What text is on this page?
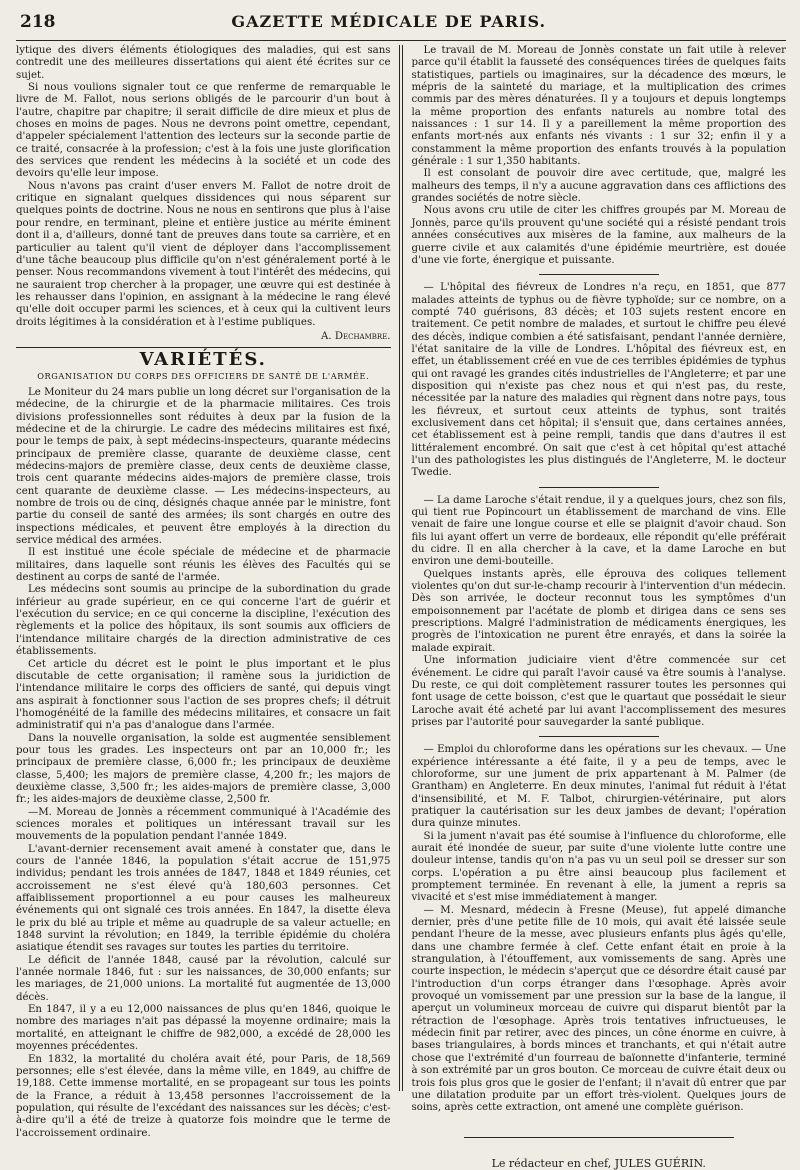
218	GAZETTE MÉDICALE DE PARIS.

lytique des divers éléments étiologiques des maladies, qui est sans contredit une des meilleures dissertations qui aient été écrites sur ce sujet.

Si nous voulions signaler tout ce que renferme de remarquable le livre de M. Fallot, nous serions obligés de le parcourir d'un bout à l'autre, chapitre par chapitre; il serait difficile de dire mieux et plus de choses en moins de pages. Nous ne devrons point omettre, cependant, d'appeler spécialement l'attention des lecteurs sur la seconde partie de ce traité, consacrée à la profession; c'est à la fois une juste glorification des services que rendent les médecins à la société et un code des devoirs qu'elle leur impose.

Nous n'avons pas craint d'user envers M. Fallot de notre droit de critique en signalant quelques dissidences qui nous séparent sur quelques points de doctrine. Nous ne nous en sentirons que plus à l'aise pour rendre, en terminant, pleine et entière justice au mérite éminent dont il a, d'ailleurs, donné tant de preuves dans toute sa carrière, et en particulier au talent qu'il vient de déployer dans l'accomplissement d'une tâche beaucoup plus difficile qu'on n'est généralement porté à le penser. Nous recommandons vivement à tout l'intérêt des médecins, qui ne sauraient trop chercher à la propager, une œuvre qui est destinée à les rehausser dans l'opinion, en assignant à la médecine le rang élevé qu'elle doit occuper parmi les sciences, et à ceux qui la cultivent leurs droits légitimes à la considération et à l'estime publiques.

A. Dechambre.
VARIÉTÉS.
ORGANISATION DU CORPS DES OFFICIERS DE SANTÉ DE L'ARMÉE.

Le Moniteur du 24 mars publie un long décret sur l'organisation de la médecine, de la chirurgie et de la pharmacie militaires. Ces trois divisions professionnelles sont réduites à deux par la fusion de la médecine et de la chirurgie. Le cadre des médecins militaires est fixé, pour le temps de paix, à sept médecins-inspecteurs, quarante médecins principaux de première classe, quarante de deuxième classe, cent médecins-majors de première classe, deux cents de deuxième classe, trois cent quarante médecins aides-majors de première classe, trois cent quarante de deuxième classe. — Les médecins-inspecteurs, au nombre de trois ou de cinq, désignés chaque année par le ministre, font partie du conseil de santé des armées; ils sont chargés en outre des inspections médicales, et peuvent être employés à la direction du service médical des armées.

Il est institué une école spéciale de médecine et de pharmacie militaires, dans laquelle sont réunis les élèves des Facultés qui se destinent au corps de santé de l'armée.

Les médecins sont soumis au principe de la subordination du grade inférieur au grade supérieur, en ce qui concerne l'art de guérir et l'exécution du service; en ce qui concerne la discipline, l'exécution des règlements et la police des hôpitaux, ils sont soumis aux officiers de l'intendance militaire chargés de la direction administrative de ces établissements.

Cet article du décret est le point le plus important et le plus discutable de cette organisation; il ramène sous la juridiction de l'intendance militaire le corps des officiers de santé, qui depuis vingt ans aspirait à fonctionner sous l'action de ses propres chefs; il détruit l'homogénéité de la famille des médecins militaires, et consacre un fait administratif qui n'a pas d'analogue dans l'armée.

Dans la nouvelle organisation, la solde est augmentée sensiblement pour tous les grades. Les inspecteurs ont par an 10,000 fr.; les principaux de première classe, 6,000 fr.; les principaux de deuxième classe, 5,400; les majors de première classe, 4,200 fr.; les majors de deuxième classe, 3,500 fr.; les aides-majors de première classe, 3,000 fr.; les aides-majors de deuxième classe, 2,500 fr.

—M. Moreau de Jonnès a récemment communiqué à l'Académie des sciences morales et politiques un intéressant travail sur les mouvements de la population pendant l'année 1849.

L'avant-dernier recensement avait amené à constater que, dans le cours de l'année 1846, la population s'était accrue de 151,975 individus; pendant les trois années de 1847, 1848 et 1849 réunies, cet accroissement ne s'est élevé qu'à 180,603 personnes. Cet affaiblissement proportionnel a eu pour causes les malheureux événements qui ont signalé ces trois années. En 1847, la disette éleva le prix du blé au triple et même au quadruple de sa valeur actuelle; en 1848 survint la révolution; en 1849, la terrible épidémie du choléra asiatique étendit ses ravages sur toutes les parties du territoire.

Le déficit de l'année 1848, causé par la révolution, calculé sur l'année normale 1846, fut : sur les naissances, de 30,000 enfants; sur les mariages, de 21,000 unions. La mortalité fut augmentée de 13,000 décès.

En 1847, il y a eu 12,000 naissances de plus qu'en 1846, quoique le nombre des mariages n'ait pas dépassé la moyenne ordinaire; mais la mortalité, en atteignant le chiffre de 982,000, a excédé de 28,000 les moyennes précédentes.

En 1832, la mortalité du choléra avait été, pour Paris, de 18,569 personnes; elle s'est élevée, dans la même ville, en 1849, au chiffre de 19,188. Cette immense mortalité, en se propageant sur tous les points de la France, a réduit à 13,458 personnes l'accroissement de la population, qui résulte de l'excédant des naissances sur les décès; c'est-à-dire qu'il a été de treize à quatorze fois moindre que le terme de l'accroissement ordinaire.

Le travail de M. Moreau de Jonnès constate un fait utile à relever parce qu'il établit la fausseté des conséquences tirées de quelques faits statistiques, partiels ou imaginaires, sur la décadence des mœurs, le mépris de la sainteté du mariage, et la multiplication des crimes commis par des mères dénaturées. Il y a toujours et depuis longtemps la même proportion des enfants naturels au nombre total des naissances : 1 sur 14. Il y a pareillement la même proportion des enfants mort-nés aux enfants nés vivants : 1 sur 32; enfin il y a constamment la même proportion des enfants trouvés à la population générale : 1 sur 1,350 habitants.

Il est consolant de pouvoir dire avec certitude, que, malgré les malheurs des temps, il n'y a aucune aggravation dans ces afflictions des grandes sociétés de notre siècle.

Nous avons cru utile de citer les chiffres groupés par M. Moreau de Jonnès, parce qu'ils prouvent qu'une société qui a résisté pendant trois années consécutives aux misères de la famine, aux malheurs de la guerre civile et aux calamités d'une épidémie meurtrière, est douée d'une vie forte, énergique et puissante.

— L'hôpital des fiévreux de Londres n'a reçu, en 1851, que 877 malades atteints de typhus ou de fièvre typhoïde; sur ce nombre, on a compté 740 guérisons, 83 décès; et 103 sujets restent encore en traitement. Ce petit nombre de malades, et surtout le chiffre peu élevé des décès, indique combien a été satisfaisant, pendant l'année dernière, l'état sanitaire de la ville de Londres. L'hôpital des fiévreux est, en effet, un établissement créé en vue de ces terribles épidémies de typhus qui ont ravagé les grandes cités industrielles de l'Angleterre; et par une disposition qui n'existe pas chez nous et qui n'est pas, du reste, nécessitée par la nature des maladies qui règnent dans notre pays, tous les fiévreux, et surtout ceux atteints de typhus, sont traités exclusivement dans cet hôpital; il s'ensuit que, dans certaines années, cet établissement est à peine rempli, tandis que dans d'autres il est littéralement encombré. On sait que c'est à cet hôpital qu'est attaché l'un des pathologistes les plus distingués de l'Angleterre, M. le docteur Twedie.

— La dame Laroche s'était rendue, il y a quelques jours, chez son fils, qui tient rue Popincourt un établissement de marchand de vins. Elle venait de faire une longue course et elle se plaignit d'avoir chaud. Son fils lui ayant offert un verre de bordeaux, elle répondit qu'elle préférait du cidre. Il en alla chercher à la cave, et la dame Laroche en but environ une demi-bouteille.

Quelques instants après, elle éprouva des coliques tellement violentes qu'on dut sur-le-champ recourir à l'intervention d'un médecin. Dès son arrivée, le docteur reconnut tous les symptômes d'un empoisonnement par l'acétate de plomb et dirigea dans ce sens ses prescriptions. Malgré l'administration de médicaments énergiques, les progrès de l'intoxication ne purent être enrayés, et dans la soirée la malade expirait.

Une information judiciaire vient d'être commencée sur cet événement. Le cidre qui paraît l'avoir causé va être soumis à l'analyse. Du reste, ce qui doit complètement rassurer toutes les personnes qui font usage de cette boisson, c'est que le quartaut que possédait le sieur Laroche avait été acheté par lui avant l'accomplissement des mesures prises par l'autorité pour sauvegarder la santé publique.

— Emploi du chloroforme dans les opérations sur les chevaux. — Une expérience intéressante a été faite, il y a peu de temps, avec le chloroforme, sur une jument de prix appartenant à M. Palmer (de Grantham) en Angleterre. En deux minutes, l'animal fut réduit à l'état d'insensibilité, et M. F. Talbot, chirurgien-vétérinaire, put alors pratiquer la cautérisation sur les deux jambes de devant; l'opération dura quinze minutes.

Si la jument n'avait pas été soumise à l'influence du chloroforme, elle aurait été inondée de sueur, par suite d'une violente lutte contre une douleur intense, tandis qu'on n'a pas vu un seul poil se dresser sur son corps. L'opération a pu être ainsi beaucoup plus facilement et promptement terminée. En revenant à elle, la jument a repris sa vivacité et s'est mise immédiatement à manger.

— M. Mesnard, médecin à Fresne (Meuse), fut appelé dimanche dernier, près d'une petite fille de 10 mois, qui avait été laissée seule pendant l'heure de la messe, avec plusieurs enfants plus âgés qu'elle, dans une chambre fermée à clef. Cette enfant était en proie à la strangulation, à l'étouffement, aux vomissements de sang. Après une courte inspection, le médecin s'aperçut que ce désordre était causé par l'introduction d'un corps étranger dans l'œsophage. Après avoir provoqué un vomissement par une pression sur la base de la langue, il aperçut un volumineux morceau de cuivre qui disparut bientôt par la rétraction de l'œsophage. Après trois tentatives infructueuses, le médecin finit par retirer, avec des pinces, un cône énorme en cuivre, à bases triangulaires, à bords minces et tranchants, et qui n'était autre chose que l'extrémité d'un fourreau de baïonnette d'infanterie, terminé à son extrémité par un gros bouton. Ce morceau de cuivre était deux ou trois fois plus gros que le gosier de l'enfant; il n'avait dû entrer que par une dilatation produite par un effort très-violent. Quelques jours de soins, après cette extraction, ont amené une complète guérison.

Le rédacteur en chef, JULES GUÉRIN.
